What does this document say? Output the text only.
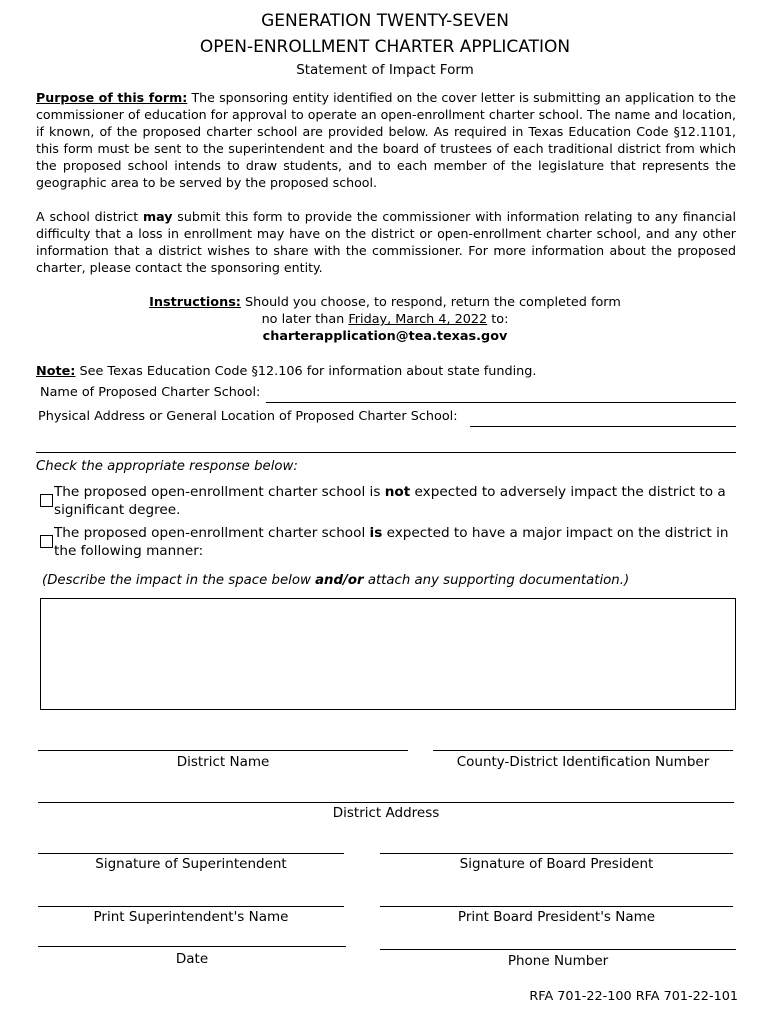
GENERATION TWENTY-SEVEN
OPEN-ENROLLMENT CHARTER APPLICATION
Statement of Impact Form

Purpose of this form: The sponsoring entity identified on the cover letter is submitting an application to the commissioner of education for approval to operate an open-enrollment charter school. The name and location, if known, of the proposed charter school are provided below. As required in Texas Education Code §12.1101, this form must be sent to the superintendent and the board of trustees of each traditional district from which the proposed school intends to draw students, and to each member of the legislature that represents the geographic area to be served by the proposed school.

A school district may submit this form to provide the commissioner with information relating to any financial difficulty that a loss in enrollment may have on the district or open-enrollment charter school, and any other information that a district wishes to share with the commissioner. For more information about the proposed charter, please contact the sponsoring entity.

Instructions: Should you choose, to respond, return the completed form
no later than Friday, March 4, 2022 to:
charterapplication@tea.texas.gov
Note: See Texas Education Code §12.106 for information about state funding.
Name of Proposed Charter School:
Physical Address or General Location of Proposed Charter School:
Check the appropriate response below:
The proposed open-enrollment charter school is not expected to adversely impact the district to a significant degree.
The proposed open-enrollment charter school is expected to have a major impact on the district in the following manner:
(Describe the impact in the space below and/or attach any supporting documentation.)
District Name	County-District Identification Number
District Address
Signature of Superintendent	Signature of Board President
Print Superintendent's Name	Print Board President's Name
Date	Phone Number
RFA 701-22-100 RFA 701-22-101
